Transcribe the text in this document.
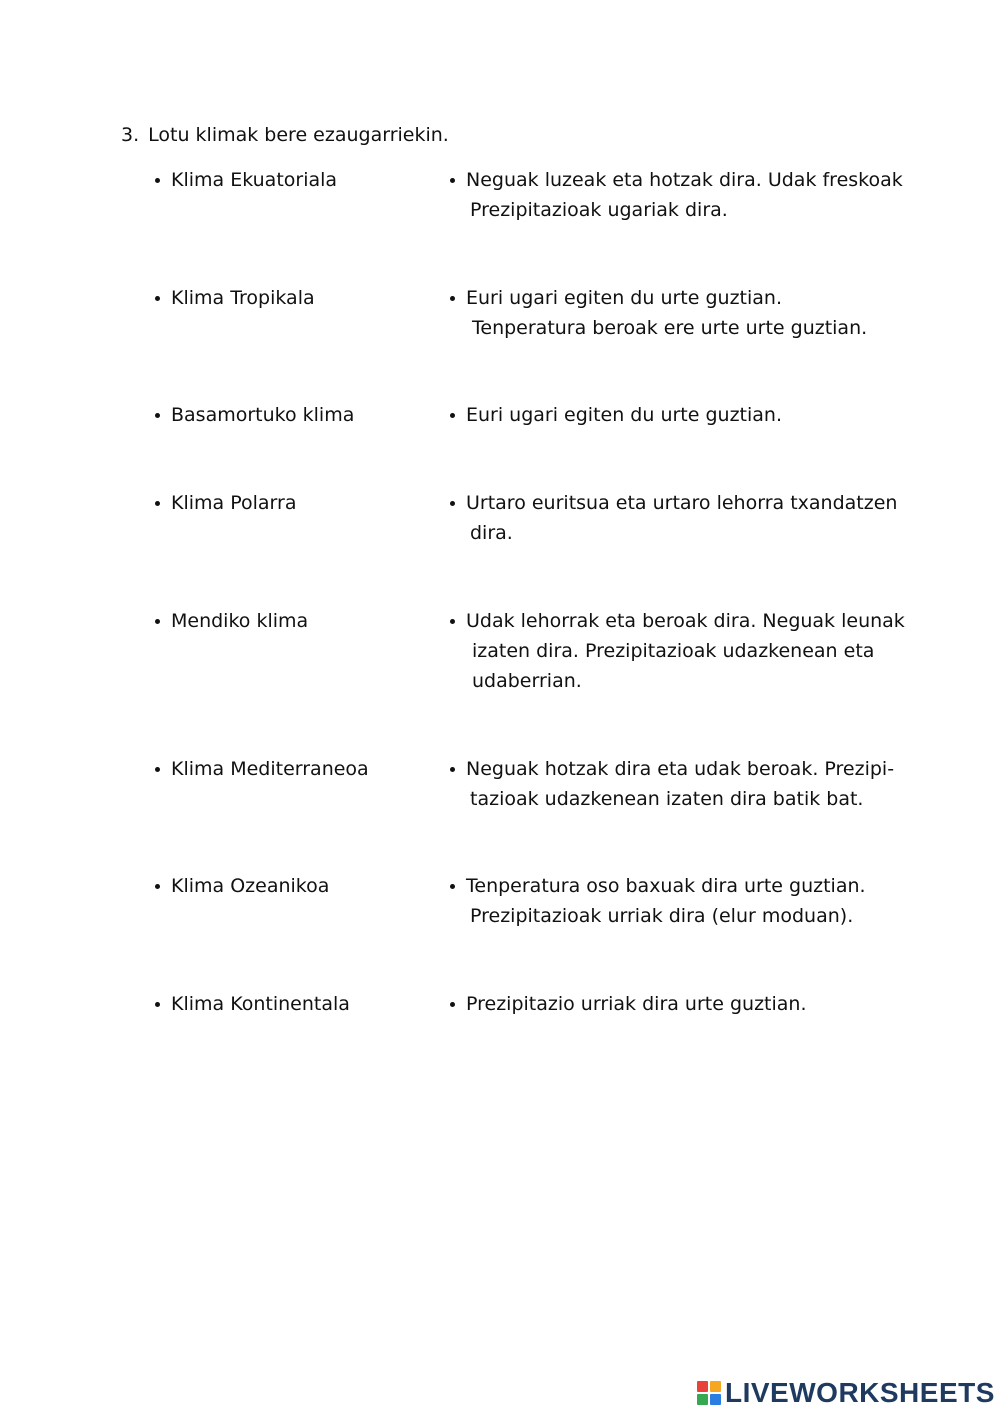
3. Lotu klimak bere ezaugarriekin.
Klima Ekuatoriala
Klima Tropikala
Basamortuko klima
Klima Polarra
Mendiko klima
Klima Mediterraneoa
Klima Ozeanikoa
Klima Kontinentala
Neguak luzeak eta hotzak dira. Udak freskoak
Prezipitazioak ugariak dira.
Euri ugari egiten du urte guztian.
Tenperatura beroak ere urte urte guztian.
Euri ugari egiten du urte guztian.
Urtaro euritsua eta urtaro lehorra txandatzen
dira.
Udak lehorrak eta beroak dira. Neguak leunak
izaten dira. Prezipitazioak udazkenean eta
udaberrian.
Neguak hotzak dira eta udak beroak. Prezipi-
tazioak udazkenean izaten dira batik bat.
Tenperatura oso baxuak dira urte guztian.
Prezipitazioak urriak dira (elur moduan).
Prezipitazio urriak dira urte guztian.
LIVEWORKSHEETS
